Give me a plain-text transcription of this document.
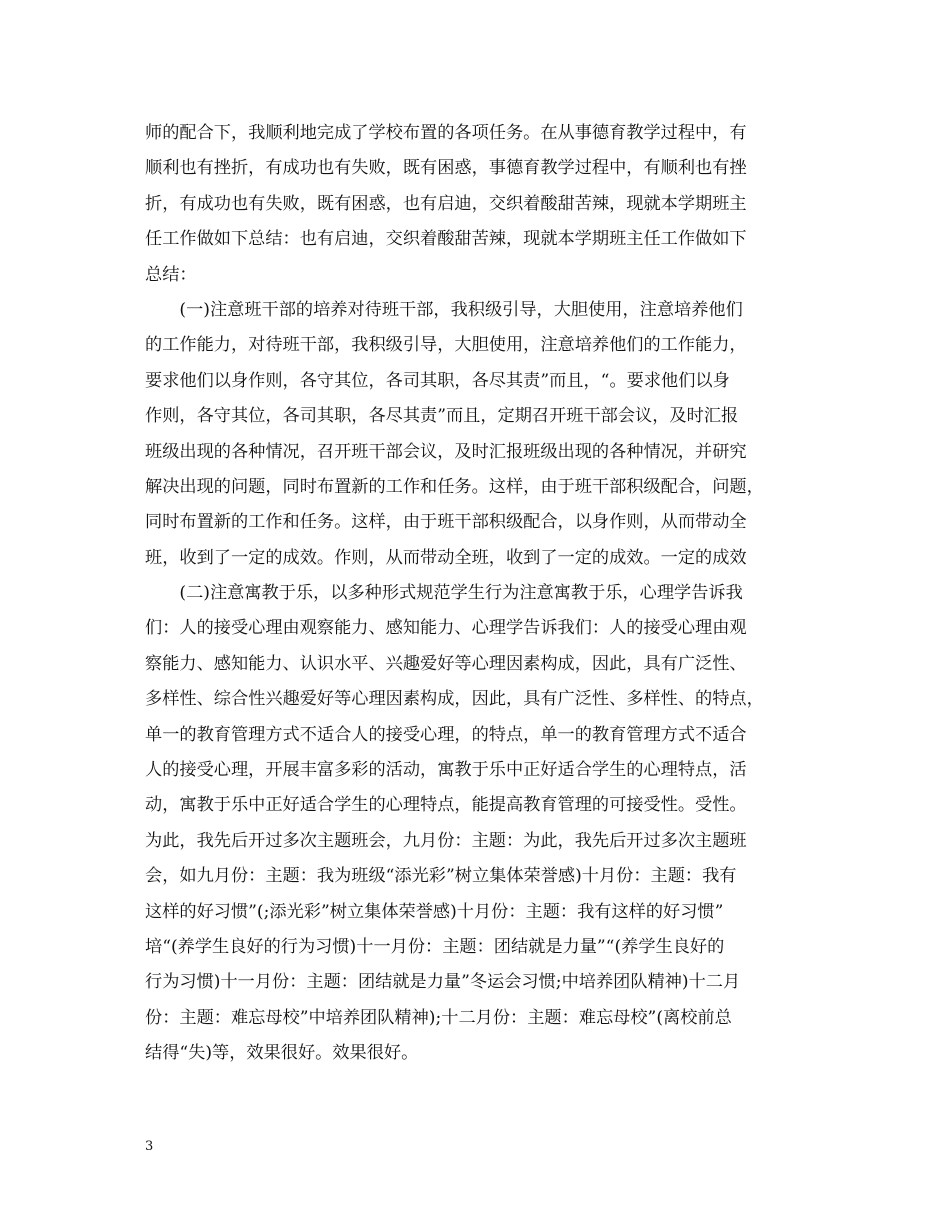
师的配合下，我顺利地完成了学校布置的各项任务。在从事德育教学过程中，有
顺利也有挫折，有成功也有失败，既有困惑，事德育教学过程中，有顺利也有挫
折，有成功也有失败，既有困惑，也有启迪，交织着酸甜苦辣，现就本学期班主
任工作做如下总结：也有启迪，交织着酸甜苦辣，现就本学期班主任工作做如下
总结：
　　(一)注意班干部的培养对待班干部，我积级引导，大胆使用，注意培养他们
的工作能力，对待班干部，我积级引导，大胆使用，注意培养他们的工作能力，
要求他们以身作则，各守其位，各司其职，各尽其责”而且，“。要求他们以身
作则，各守其位，各司其职，各尽其责”而且，定期召开班干部会议，及时汇报
班级出现的各种情况，召开班干部会议，及时汇报班级出现的各种情况，并研究
解决出现的问题，同时布置新的工作和任务。这样，由于班干部积级配合，问题，
同时布置新的工作和任务。这样，由于班干部积级配合，以身作则，从而带动全
班，收到了一定的成效。作则，从而带动全班，收到了一定的成效。一定的成效
　　(二)注意寓教于乐，以多种形式规范学生行为注意寓教于乐，心理学告诉我
们：人的接受心理由观察能力、感知能力、心理学告诉我们：人的接受心理由观
察能力、感知能力、认识水平、兴趣爱好等心理因素构成，因此，具有广泛性、
多样性、综合性兴趣爱好等心理因素构成，因此，具有广泛性、多样性、的特点，
单一的教育管理方式不适合人的接受心理，的特点，单一的教育管理方式不适合
人的接受心理，开展丰富多彩的活动，寓教于乐中正好适合学生的心理特点，活
动，寓教于乐中正好适合学生的心理特点，能提高教育管理的可接受性。受性。
为此，我先后开过多次主题班会，九月份：主题：为此，我先后开过多次主题班
会，如九月份：主题：我为班级“添光彩”树立集体荣誉感)十月份：主题：我有
这样的好习惯”(;添光彩”树立集体荣誉感)十月份：主题：我有这样的好习惯”
培“(养学生良好的行为习惯)十一月份：主题：团结就是力量”“(养学生良好的
行为习惯)十一月份：主题：团结就是力量”冬运会习惯;中培养团队精神)十二月
份：主题：难忘母校”中培养团队精神);十二月份：主题：难忘母校”(离校前总
结得“失)等，效果很好。效果很好。
3
